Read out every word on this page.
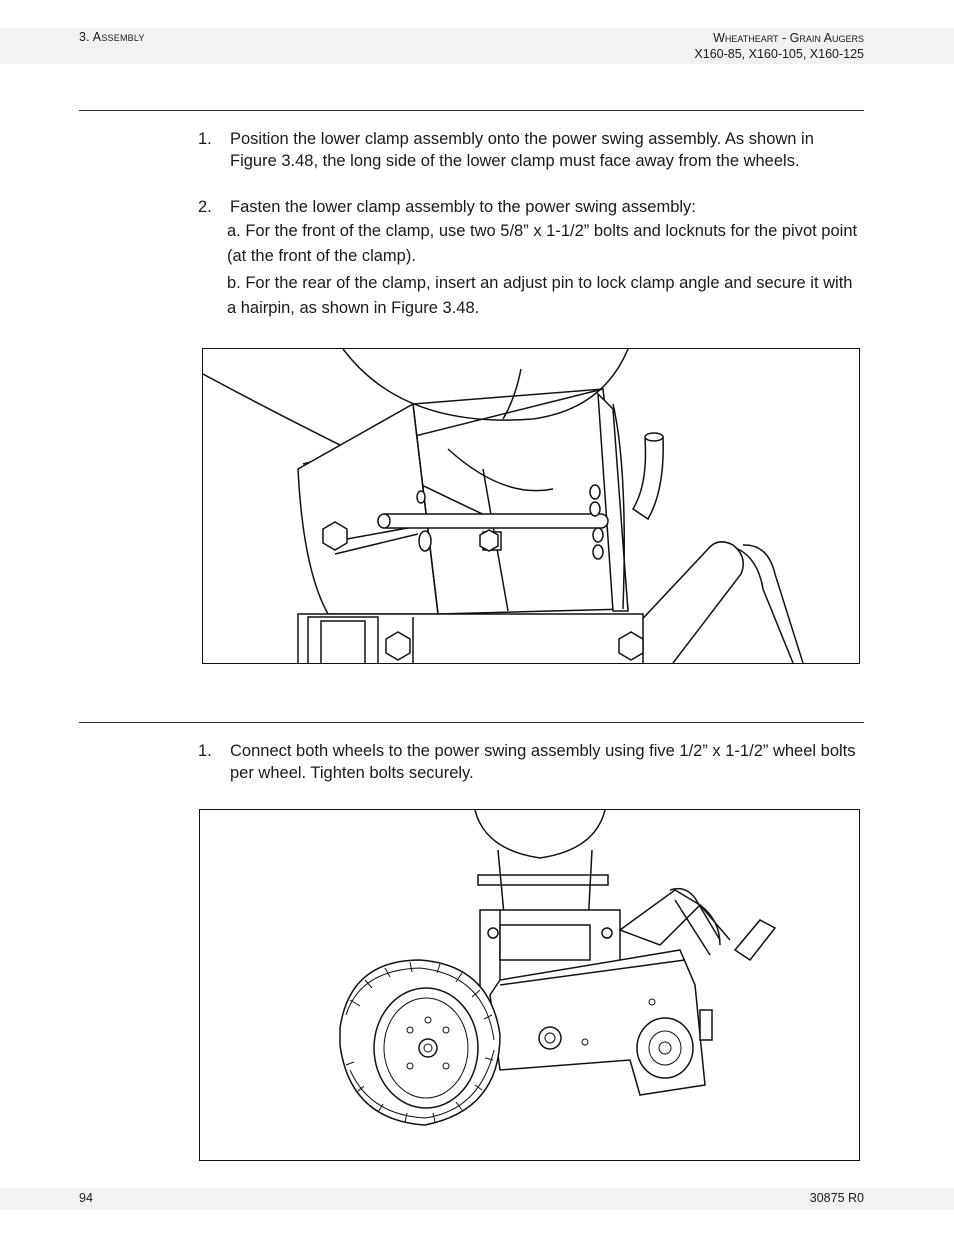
3. Assembly	Wheatheart - Grain Augers
X160-85, X160-105, X160-125
1. Position the lower clamp assembly onto the power swing assembly. As shown in Figure 3.48, the long side of the lower clamp must face away from the wheels.
2. Fasten the lower clamp assembly to the power swing assembly:
a. For the front of the clamp, use two 5/8” x 1-1/2” bolts and locknuts for the pivot point (at the front of the clamp).
b. For the rear of the clamp, insert an adjust pin to lock clamp angle and secure it with a hairpin, as shown in Figure 3.48.
1. Connect both wheels to the power swing assembly using five 1/2” x 1-1/2” wheel bolts per wheel. Tighten bolts securely.
94	30875 R0
